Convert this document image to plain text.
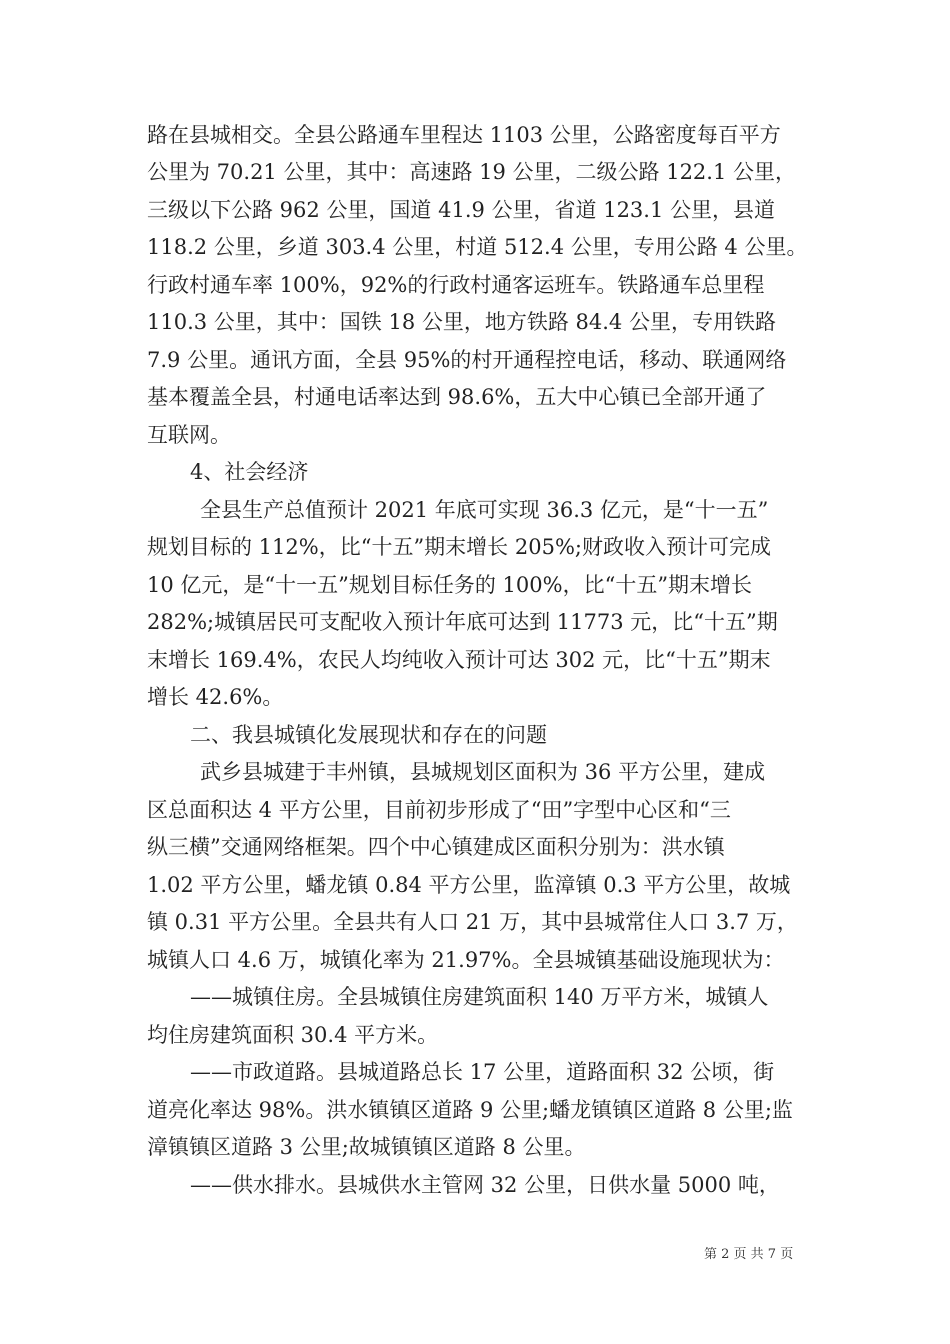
路在县城相交。全县公路通车里程达 1103 公里，公路密度每百平方
公里为 70.21 公里，其中：高速路 19 公里，二级公路 122.1 公里，
三级以下公路 962 公里，国道 41.9 公里，省道 123.1 公里，县道
118.2 公里，乡道 303.4 公里，村道 512.4 公里，专用公路 4 公里。
行政村通车率 100%，92%的行政村通客运班车。铁路通车总里程
110.3 公里，其中：国铁 18 公里，地方铁路 84.4 公里，专用铁路
7.9 公里。通讯方面，全县 95%的村开通程控电话，移动、联通网络
基本覆盖全县，村通电话率达到 98.6%，五大中心镇已全部开通了
互联网。
4、社会经济
全县生产总值预计 2021 年底可实现 36.3 亿元，是“十一五”
规划目标的 112%，比“十五”期末增长 205%;财政收入预计可完成
10 亿元，是“十一五”规划目标任务的 100%，比“十五”期末增长
282%;城镇居民可支配收入预计年底可达到 11773 元，比“十五”期
末增长 169.4%，农民人均纯收入预计可达 302 元，比“十五”期末
增长 42.6%。
二、我县城镇化发展现状和存在的问题
武乡县城建于丰州镇，县城规划区面积为 36 平方公里，建成
区总面积达 4 平方公里，目前初步形成了“田”字型中心区和“三
纵三横”交通网络框架。四个中心镇建成区面积分别为：洪水镇
1.02 平方公里，蟠龙镇 0.84 平方公里，监漳镇 0.3 平方公里，故城
镇 0.31 平方公里。全县共有人口 21 万，其中县城常住人口 3.7 万，
城镇人口 4.6 万，城镇化率为 21.97%。全县城镇基础设施现状为：
——城镇住房。全县城镇住房建筑面积 140 万平方米，城镇人
均住房建筑面积 30.4 平方米。
——市政道路。县城道路总长 17 公里，道路面积 32 公顷，街
道亮化率达 98%。洪水镇镇区道路 9 公里;蟠龙镇镇区道路 8 公里;监
漳镇镇区道路 3 公里;故城镇镇区道路 8 公里。
——供水排水。县城供水主管网 32 公里，日供水量 5000 吨，
第 2 页 共 7 页
